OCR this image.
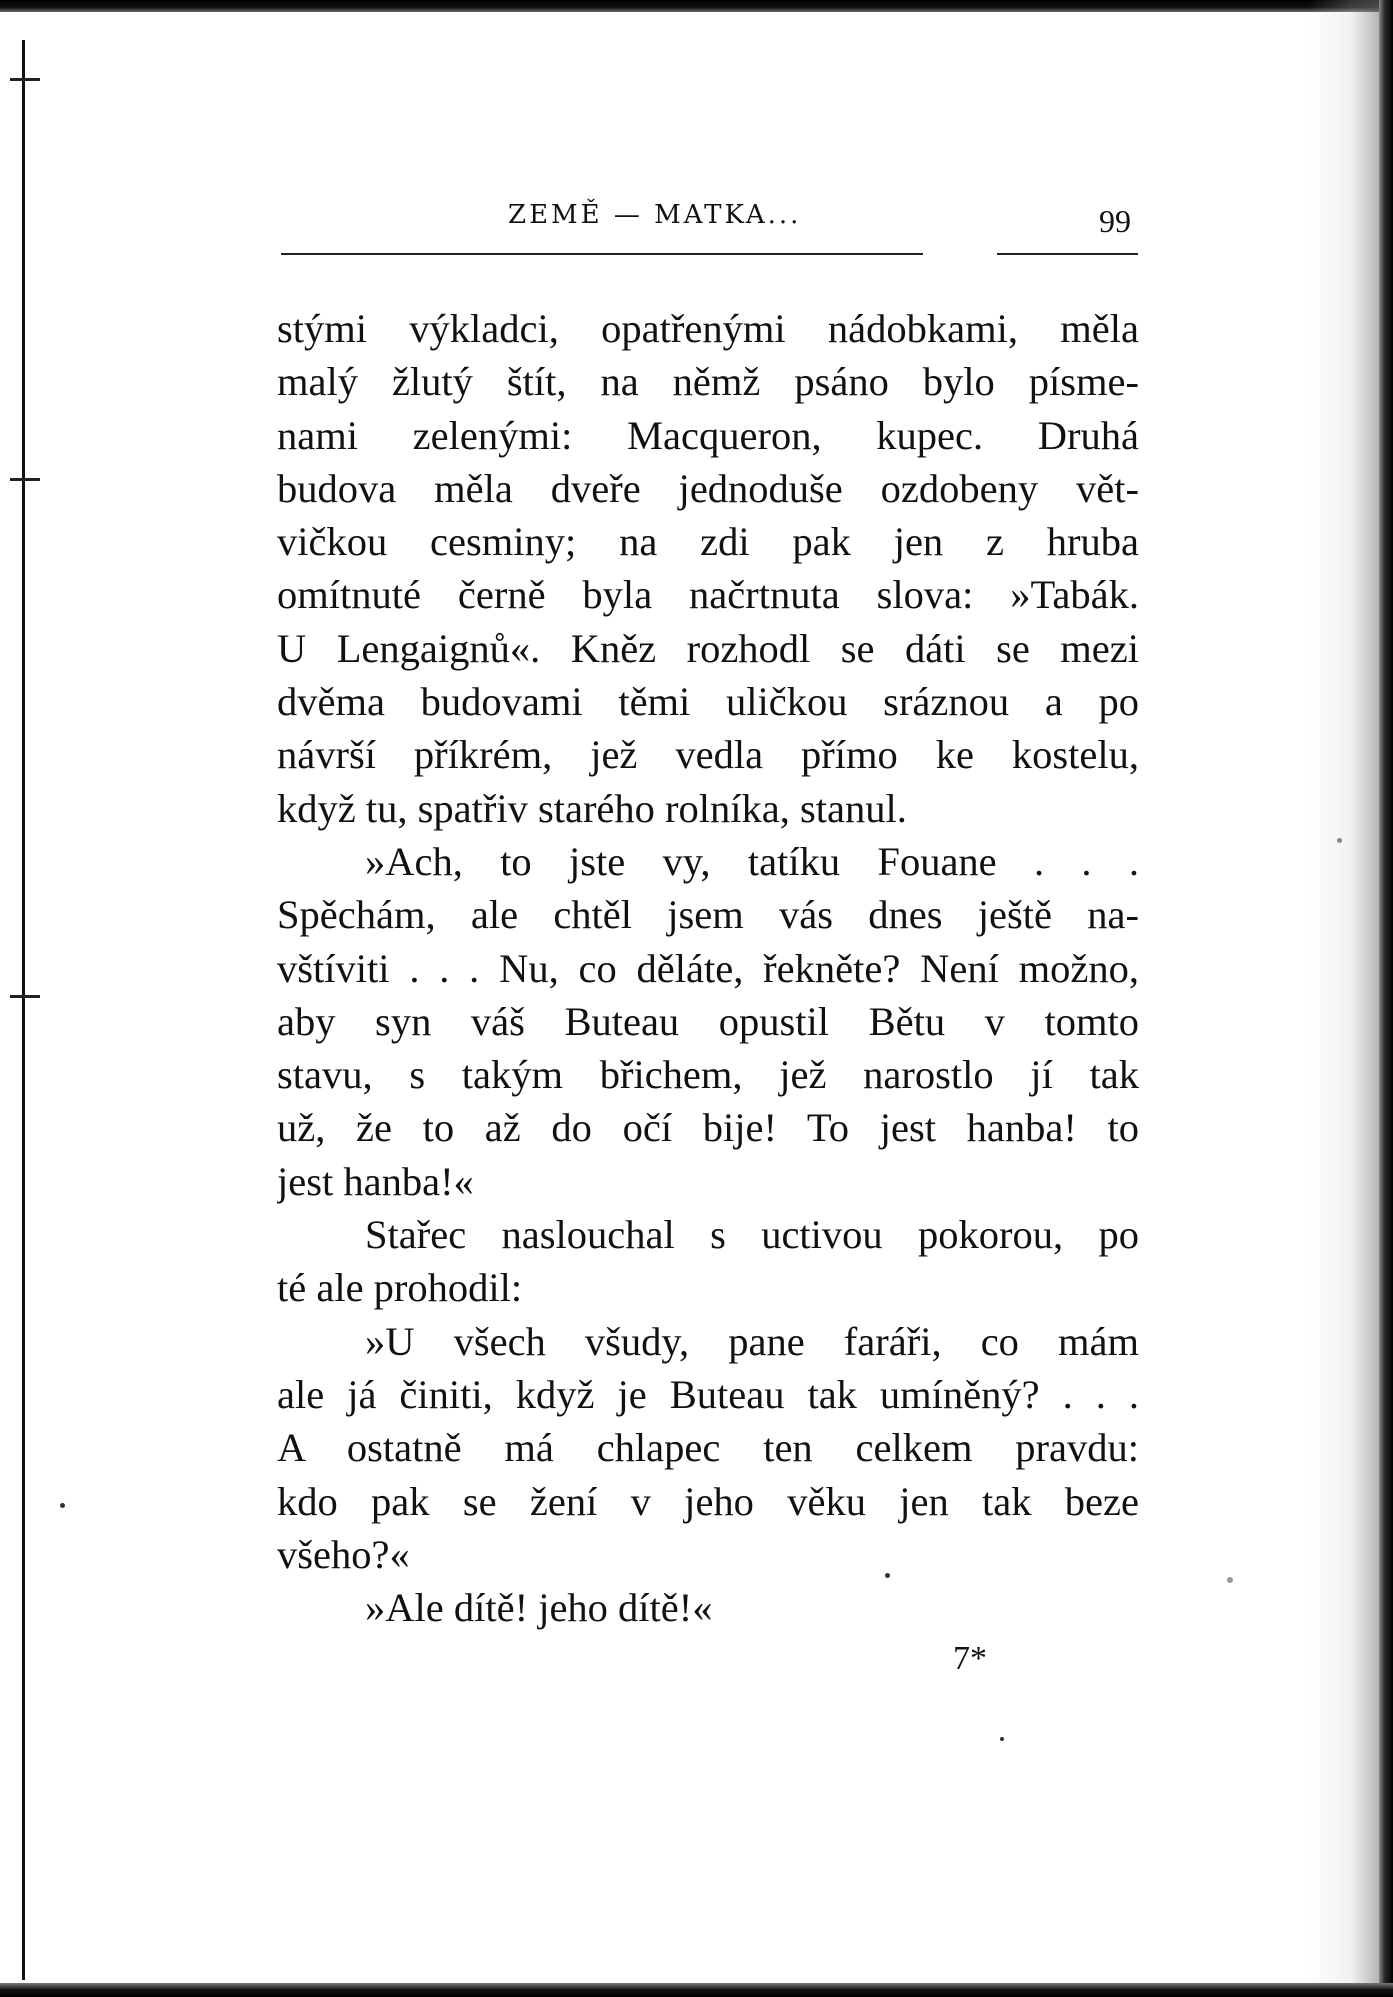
ZEMĚ — MATKA...	99
stými výkladci, opatřenými nádobkami, měla
malý žlutý štít, na němž psáno bylo písme-
nami zelenými: Macqueron, kupec. Druhá
budova měla dveře jednoduše ozdobeny vět-
vičkou cesminy; na zdi pak jen z hruba
omítnuté černě byla načrtnuta slova: »Tabák.
U Lengaignů«. Kněz rozhodl se dáti se mezi
dvěma budovami těmi uličkou sráznou a po
návrší příkrém, jež vedla přímo ke kostelu,
když tu, spatřiv starého rolníka, stanul.
»Ach, to jste vy, tatíku Fouane . . .
Spěchám, ale chtěl jsem vás dnes ještě na-
vštíviti . . . Nu, co děláte, řekněte? Není možno,
aby syn váš Buteau opustil Bětu v tomto
stavu, s takým břichem, jež narostlo jí tak
už, že to až do očí bije! To jest hanba! to
jest hanba!«
Stařec naslouchal s uctivou pokorou, po
té ale prohodil:
»U všech všudy, pane faráři, co mám
ale já činiti, když je Buteau tak umíněný? . . .
A ostatně má chlapec ten celkem pravdu:
kdo pak se žení v jeho věku jen tak beze
všeho?«
»Ale dítě! jeho dítě!«
7*
